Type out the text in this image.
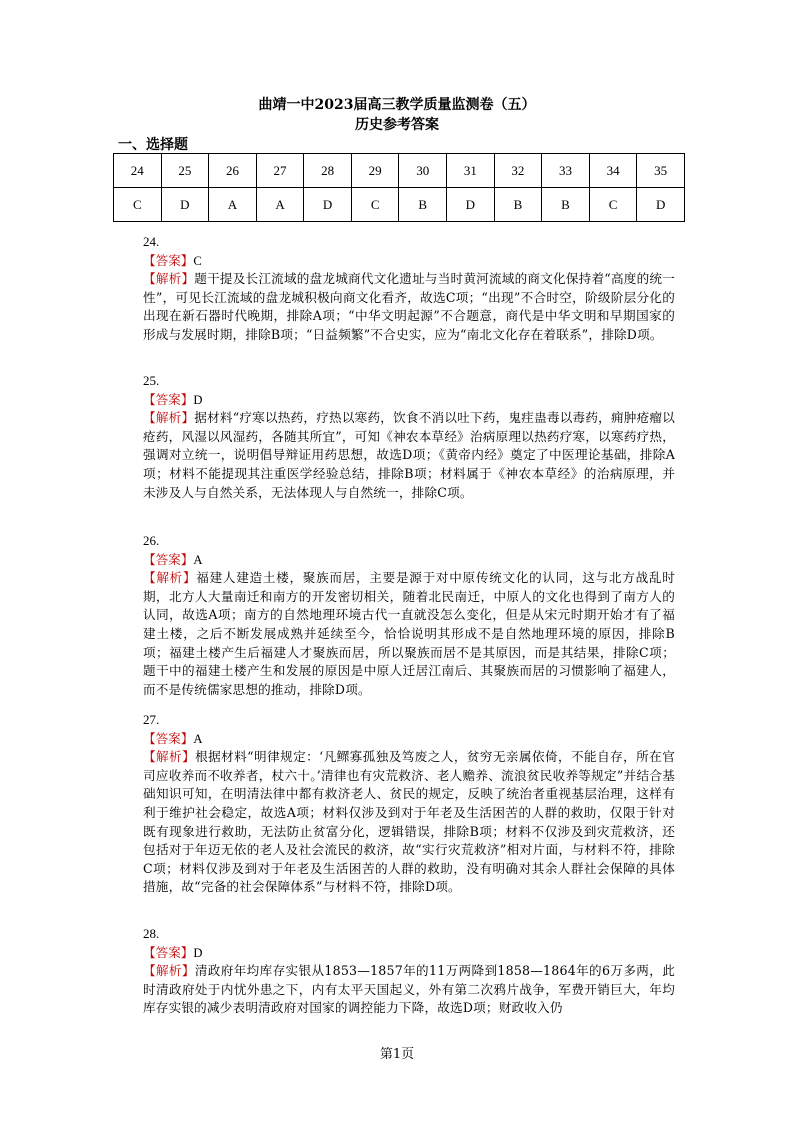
曲靖一中2023届高三教学质量监测卷（五）
历史参考答案
一、选择题
24	25	26	27	28	29	30	31	32	33	34	35
C	D	A	A	D	C	B	D	B	B	C	D
24.
【答案】C
【解析】题干提及长江流域的盘龙城商代文化遗址与当时黄河流域的商文化保持着“高度的统一性”，可见长江流域的盘龙城积极向商文化看齐，故选C项；“出现”不合时空，阶级阶层分化的出现在新石器时代晚期，排除A项；“中华文明起源”不合题意，商代是中华文明和早期国家的形成与发展时期，排除B项；“日益频繁”不合史实，应为“南北文化存在着联系”，排除D项。
25.
【答案】D
【解析】据材料“疗寒以热药，疗热以寒药，饮食不消以吐下药，鬼疰蛊毒以毒药，痈肿疮瘤以疮药，风湿以风湿药，各随其所宜”，可知《神农本草经》治病原理以热药疗寒，以寒药疗热，强调对立统一，说明倡导辩证用药思想，故选D项；《黄帝内经》奠定了中医理论基础，排除A项；材料不能提现其注重医学经验总结，排除B项；材料属于《神农本草经》的治病原理，并未涉及人与自然关系，无法体现人与自然统一，排除C项。
26.
【答案】A
【解析】福建人建造土楼，聚族而居，主要是源于对中原传统文化的认同，这与北方战乱时期，北方人大量南迁和南方的开发密切相关，随着北民南迁，中原人的文化也得到了南方人的认同，故选A项；南方的自然地理环境古代一直就没怎么变化，但是从宋元时期开始才有了福建土楼，之后不断发展成熟并延续至今，恰恰说明其形成不是自然地理环境的原因，排除B项；福建土楼产生后福建人才聚族而居，所以聚族而居不是其原因，而是其结果，排除C项；题干中的福建土楼产生和发展的原因是中原人迁居江南后、其聚族而居的习惯影响了福建人，而不是传统儒家思想的推动，排除D项。
27.
【答案】A
【解析】根据材料“明律规定：‘凡鳏寡孤独及笃废之人，贫穷无亲属依倚，不能自存，所在官司应收养而不收养者，杖六十。’清律也有灾荒救济、老人赡养、流浪贫民收养等规定”并结合基础知识可知，在明清法律中都有救济老人、贫民的规定，反映了统治者重视基层治理，这样有利于维护社会稳定，故选A项；材料仅涉及到对于年老及生活困苦的人群的救助，仅限于针对既有现象进行救助，无法防止贫富分化，逻辑错误，排除B项；材料不仅涉及到灾荒救济，还包括对于年迈无依的老人及社会流民的救济，故“实行灾荒救济”相对片面，与材料不符，排除C项；材料仅涉及到对于年老及生活困苦的人群的救助，没有明确对其余人群社会保障的具体措施，故“完备的社会保障体系”与材料不符，排除D项。
28.
【答案】D
【解析】清政府年均库存实银从1853—1857年的11万两降到1858—1864年的6万多两，此时清政府处于内忧外患之下，内有太平天国起义，外有第二次鸦片战争，军费开销巨大，年均库存实银的减少表明清政府对国家的调控能力下降，故选D项；财政收入仍
第1页
